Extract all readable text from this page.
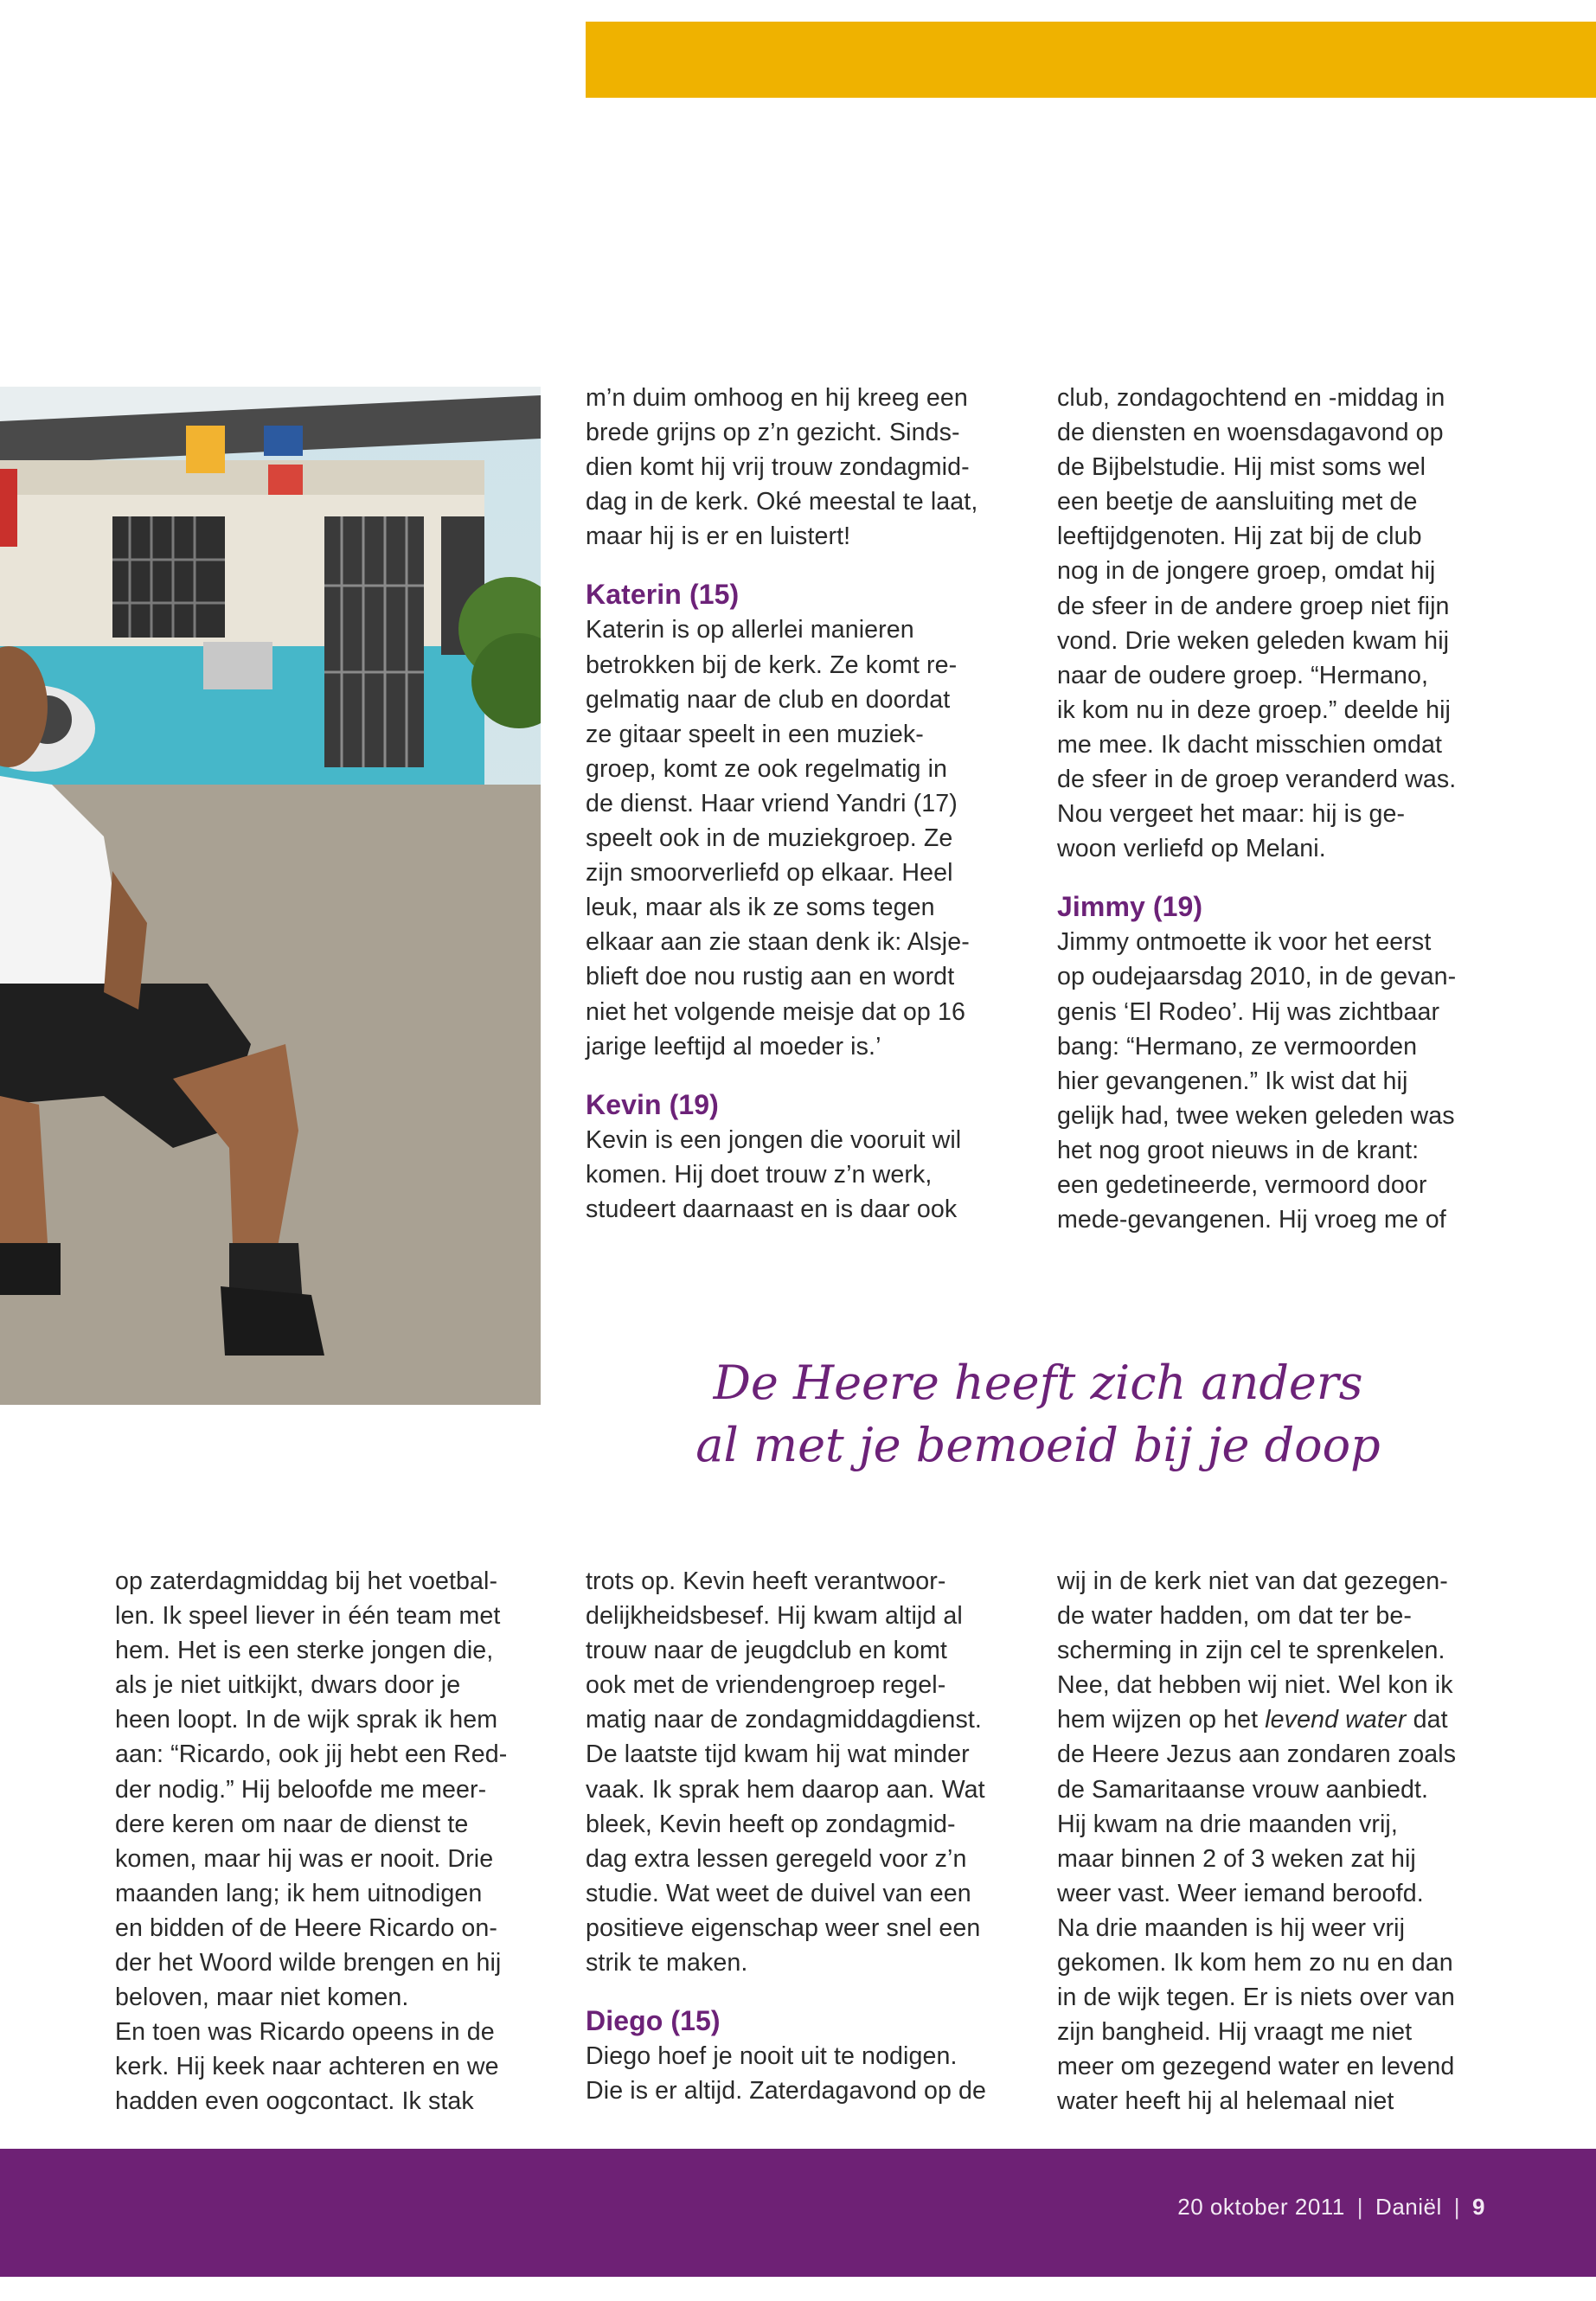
m’n duim omhoog en hij kreeg een

brede grijns op z’n gezicht. Sinds-

dien komt hij vrij trouw zondagmid-

dag in de kerk. Oké meestal te laat,

maar hij is er en luistert!

Katerin (15)

Katerin is op allerlei manieren

betrokken bij de kerk. Ze komt re-

gelmatig naar de club en doordat

ze gitaar speelt in een muziek-

groep, komt ze ook regelmatig in

de dienst. Haar vriend Yandri (17)

speelt ook in de muziekgroep. Ze

zijn smoorverliefd op elkaar. Heel

leuk, maar als ik ze soms tegen

elkaar aan zie staan denk ik: Alsje-

blieft doe nou rustig aan en wordt

niet het volgende meisje dat op 16

jarige leeftijd al moeder is.’

Kevin (19)

Kevin is een jongen die vooruit wil

komen. Hij doet trouw z’n werk,

studeert daarnaast en is daar ook

club, zondagochtend en -middag in

de diensten en woensdagavond op

de Bijbelstudie. Hij mist soms wel

een beetje de aansluiting met de

leeftijdgenoten. Hij zat bij de club

nog in de jongere groep, omdat hij

de sfeer in de andere groep niet fijn

vond. Drie weken geleden kwam hij

naar de oudere groep. “Hermano,

ik kom nu in deze groep.” deelde hij

me mee. Ik dacht misschien omdat

de sfeer in de groep veranderd was.

Nou vergeet het maar: hij is ge-

woon verliefd op Melani.

Jimmy (19)

Jimmy ontmoette ik voor het eerst

op oudejaarsdag 2010, in de gevan-

genis ‘El Rodeo’. Hij was zichtbaar

bang: “Hermano, ze vermoorden

hier gevangenen.” Ik wist dat hij

gelijk had, twee weken geleden was

het nog groot nieuws in de krant:

een gedetineerde, vermoord door

mede-gevangenen. Hij vroeg me of

De Heere heeft zich anders

al met je bemoeid bij je doop

op zaterdagmiddag bij het voetbal-

len. Ik speel liever in één team met

hem. Het is een sterke jongen die,

als je niet uitkijkt, dwars door je

heen loopt. In de wijk sprak ik hem

aan: “Ricardo, ook jij hebt een Red-

der nodig.” Hij beloofde me meer-

dere keren om naar de dienst te

komen, maar hij was er nooit. Drie

maanden lang; ik hem uitnodigen

en bidden of de Heere Ricardo on-

der het Woord wilde brengen en hij

beloven, maar niet komen.

En toen was Ricardo opeens in de

kerk. Hij keek naar achteren en we

hadden even oogcontact. Ik stak

trots op. Kevin heeft verantwoor-

delijkheidsbesef. Hij kwam altijd al

trouw naar de jeugdclub en komt

ook met de vriendengroep regel-

matig naar de zondagmiddagdienst.

De laatste tijd kwam hij wat minder

vaak. Ik sprak hem daarop aan. Wat

bleek, Kevin heeft op zondagmid-

dag extra lessen geregeld voor z’n

studie. Wat weet de duivel van een

positieve eigenschap weer snel een

strik te maken.

Diego (15)

Diego hoef je nooit uit te nodigen.

Die is er altijd. Zaterdagavond op de

wij in de kerk niet van dat gezegen-

de water hadden, om dat ter be-

scherming in zijn cel te sprenkelen.

Nee, dat hebben wij niet. Wel kon ik

hem wijzen op het levend water dat

de Heere Jezus aan zondaren zoals

de Samaritaanse vrouw aanbiedt.

Hij kwam na drie maanden vrij,

maar binnen 2 of 3 weken zat hij

weer vast. Weer iemand beroofd.

Na drie maanden is hij weer vrij

gekomen. Ik kom hem zo nu en dan

in de wijk tegen. Er is niets over van

zijn bangheid. Hij vraagt me niet

meer om gezegend water en levend

water heeft hij al helemaal niet

20 oktober 2011 | Daniël | 9
